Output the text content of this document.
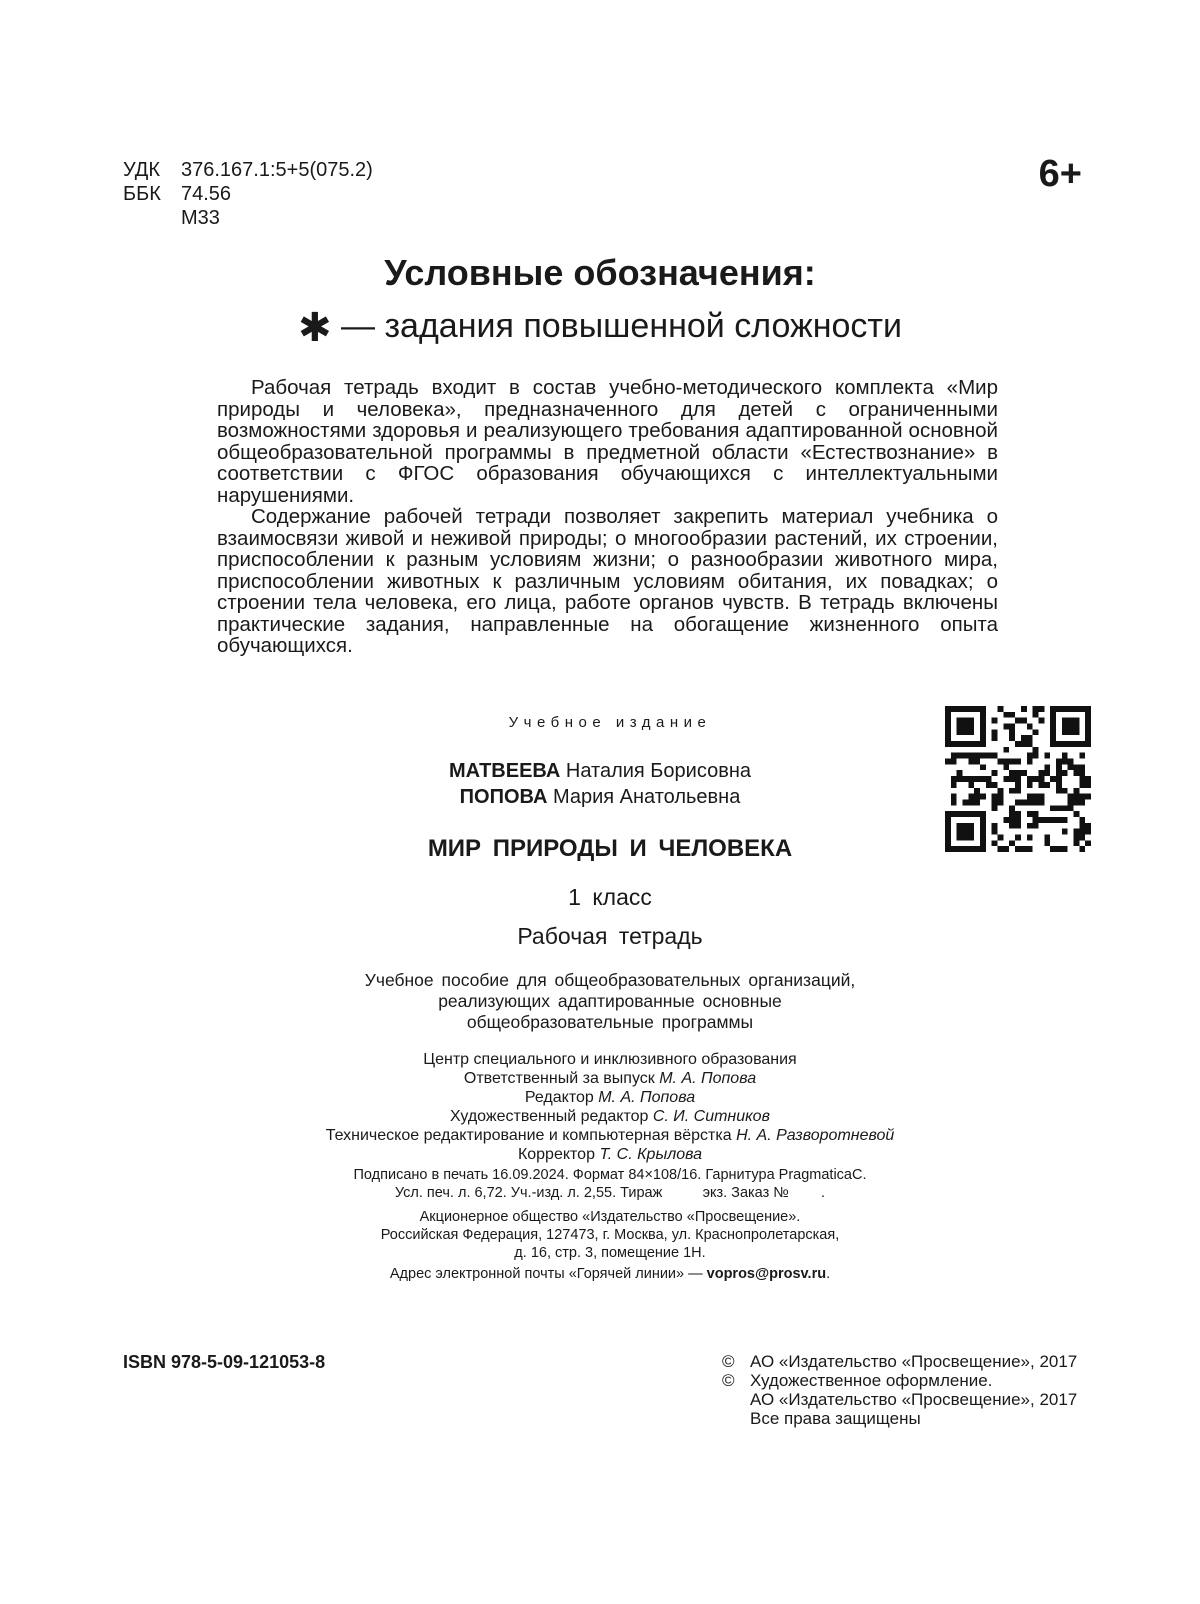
УДК	376.167.1:5+5(075.2)
ББК	74.56
М33
6+
Условные обозначения:
✱ — задания повышенной сложности

Рабочая тетрадь входит в состав учебно-методического комплекта «Мир природы и человека», предназначенного для детей с ограниченными возможностями здоровья и реализующего требования адаптированной основной общеобразовательной программы в предметной области «Естествознание» в соответствии с ФГОС образования обучающихся с интеллектуальными нарушениями.

Содержание рабочей тетради позволяет закрепить материал учебника о взаимосвязи живой и неживой природы; о многообразии растений, их строении, приспособлении к разным условиям жизни; о разнообразии животного мира, приспособлении животных к различным условиям обитания, их повадках; о строении тела человека, его лица, работе органов чувств. В тетрадь включены практические задания, направленные на обогащение жизненного опыта обучающихся.

Учебное издание
МАТВЕЕВА Наталия Борисовна
ПОПОВА Мария Анатольевна
МИР ПРИРОДЫ И ЧЕЛОВЕКА
1 класс
Рабочая тетрадь
Учебное пособие для общеобразовательных организаций,
реализующих адаптированные основные
общеобразовательные программы
Центр специального и инклюзивного образования
Ответственный за выпуск М. А. Попова
Редактор М. А. Попова
Художественный редактор С. И. Ситников
Техническое редактирование и компьютерная вёрстка Н. А. Разворотневой
Корректор Т. С. Крылова
Подписано в печать 16.09.2024. Формат 84×108/16. Гарнитура PragmaticaC.
Усл. печ. л. 6,72. Уч.-изд. л. 2,55. Тираж          экз. Заказ №        .
Акционерное общество «Издательство «Просвещение».
Российская Федерация, 127473, г. Москва, ул. Краснопролетарская,
д. 16, стр. 3, помещение 1Н.
Адрес электронной почты «Горячей линии» — vopros@prosv.ru.
ISBN 978-5-09-121053-8	© АО «Издательство «Просвещение», 2017
© Художественное оформление.
АО «Издательство «Просвещение», 2017
Все права защищены
